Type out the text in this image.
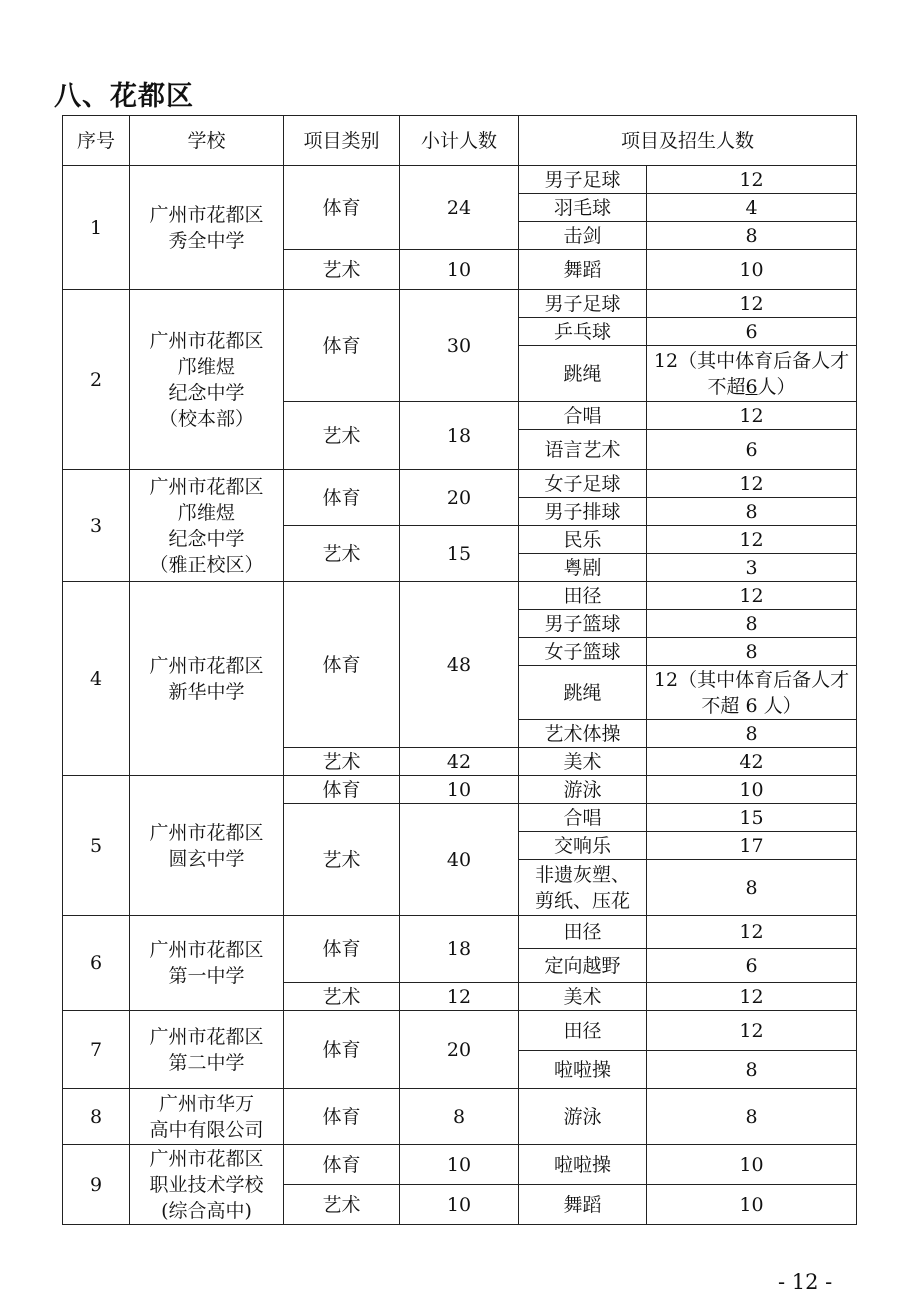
八、花都区
序号	学校	项目类别	小计人数	项目及招生人数	
1	广州市花都区
秀全中学	体育	24	男子足球	12
				羽毛球	4
				击剑	8
		艺术	10	舞蹈	10
2	广州市花都区
邝维煜
纪念中学
（校本部）	体育	30	男子足球	12
				乒乓球	6
				跳绳	12（其中体育后备人才不超6人）
		艺术	18	合唱	12
				语言艺术	6
3	广州市花都区
邝维煜
纪念中学
（雅正校区）	体育	20	女子足球	12
				男子排球	8
		艺术	15	民乐	12
				粤剧	3
4	广州市花都区
新华中学	体育	48	田径	12
				男子篮球	8
				女子篮球	8
				跳绳	12（其中体育后备人才不超 6 人）
				艺术体操	8
		艺术	42	美术	42
5	广州市花都区
圆玄中学	体育	10	游泳	10
		艺术	40	合唱	15
				交响乐	17
				非遗灰塑、
剪纸、压花	8
6	广州市花都区
第一中学	体育	18	田径	12
				定向越野	6
		艺术	12	美术	12
7	广州市花都区
第二中学	体育	20	田径	12
				啦啦操	8
8	广州市华万
高中有限公司	体育	8	游泳	8
9	广州市花都区
职业技术学校
(综合高中)	体育	10	啦啦操	10
		艺术	10	舞蹈	10
- 12 -
